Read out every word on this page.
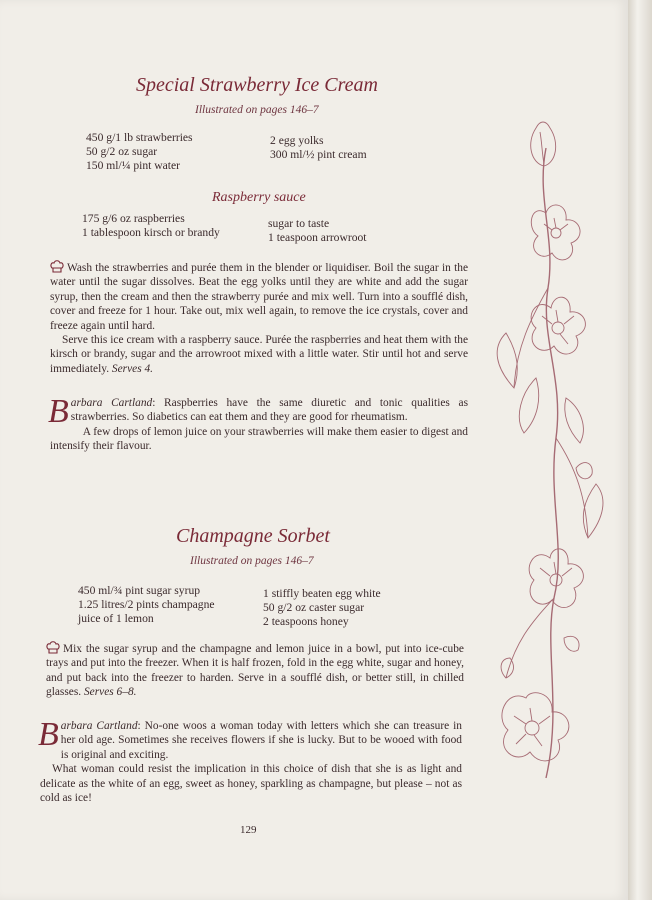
Special Strawberry Ice Cream
Illustrated on pages 146–7
450 g/1 lb strawberries
50 g/2 oz sugar
150 ml/¼ pint water
2 egg yolks
300 ml/½ pint cream
Raspberry sauce
175 g/6 oz raspberries
1 tablespoon kirsch or brandy
sugar to taste
1 teaspoon arrowroot

Wash the strawberries and purée them in the blender or liquidiser. Boil the sugar in the water until the sugar dissolves. Beat the egg yolks until they are white and add the sugar syrup, then the cream and then the strawberry purée and mix well. Turn into a soufflé dish, cover and freeze for 1 hour. Take out, mix well again, to remove the ice crystals, cover and freeze again until hard.

Serve this ice cream with a raspberry sauce. Purée the raspberries and heat them with the kirsch or brandy, sugar and the arrowroot mixed with a little water. Stir until hot and serve immediately. Serves 4.

Barbara Cartland: Raspberries have the same diuretic and tonic qualities as strawberries. So diabetics can eat them and they are good for rheumatism.

A few drops of lemon juice on your strawberries will make them easier to digest and intensify their flavour.

Champagne Sorbet
Illustrated on pages 146–7
450 ml/¾ pint sugar syrup
1.25 litres/2 pints champagne
juice of 1 lemon
1 stiffly beaten egg white
50 g/2 oz caster sugar
2 teaspoons honey

Mix the sugar syrup and the champagne and lemon juice in a bowl, put into ice-cube trays and put into the freezer. When it is half frozen, fold in the egg white, sugar and honey, and put back into the freezer to harden. Serve in a soufflé dish, or better still, in chilled glasses. Serves 6–8.

Barbara Cartland: No-one woos a woman today with letters which she can treasure in her old age. Sometimes she receives flowers if she is lucky. But to be wooed with food is original and exciting.

What woman could resist the implication in this choice of dish that she is as light and delicate as the white of an egg, sweet as honey, sparkling as champagne, but please – not as cold as ice!

129
